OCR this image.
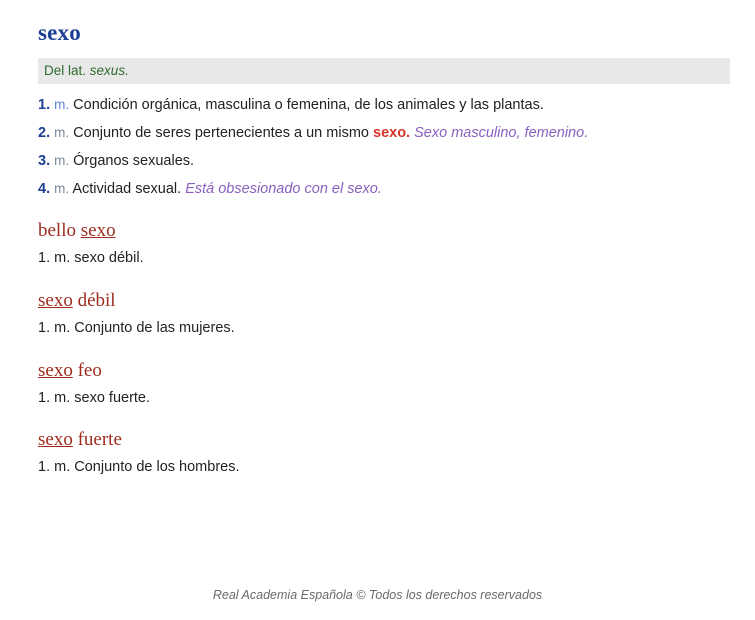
sexo
Del lat. sexus.
1. m. Condición orgánica, masculina o femenina, de los animales y las plantas.
2. m. Conjunto de seres pertenecientes a un mismo sexo. Sexo masculino, femenino.
3. m. Órganos sexuales.
4. m. Actividad sexual. Está obsesionado con el sexo.
bello sexo
1. m. sexo débil.
sexo débil
1. m. Conjunto de las mujeres.
sexo feo
1. m. sexo fuerte.
sexo fuerte
1. m. Conjunto de los hombres.
Real Academia Española © Todos los derechos reservados
